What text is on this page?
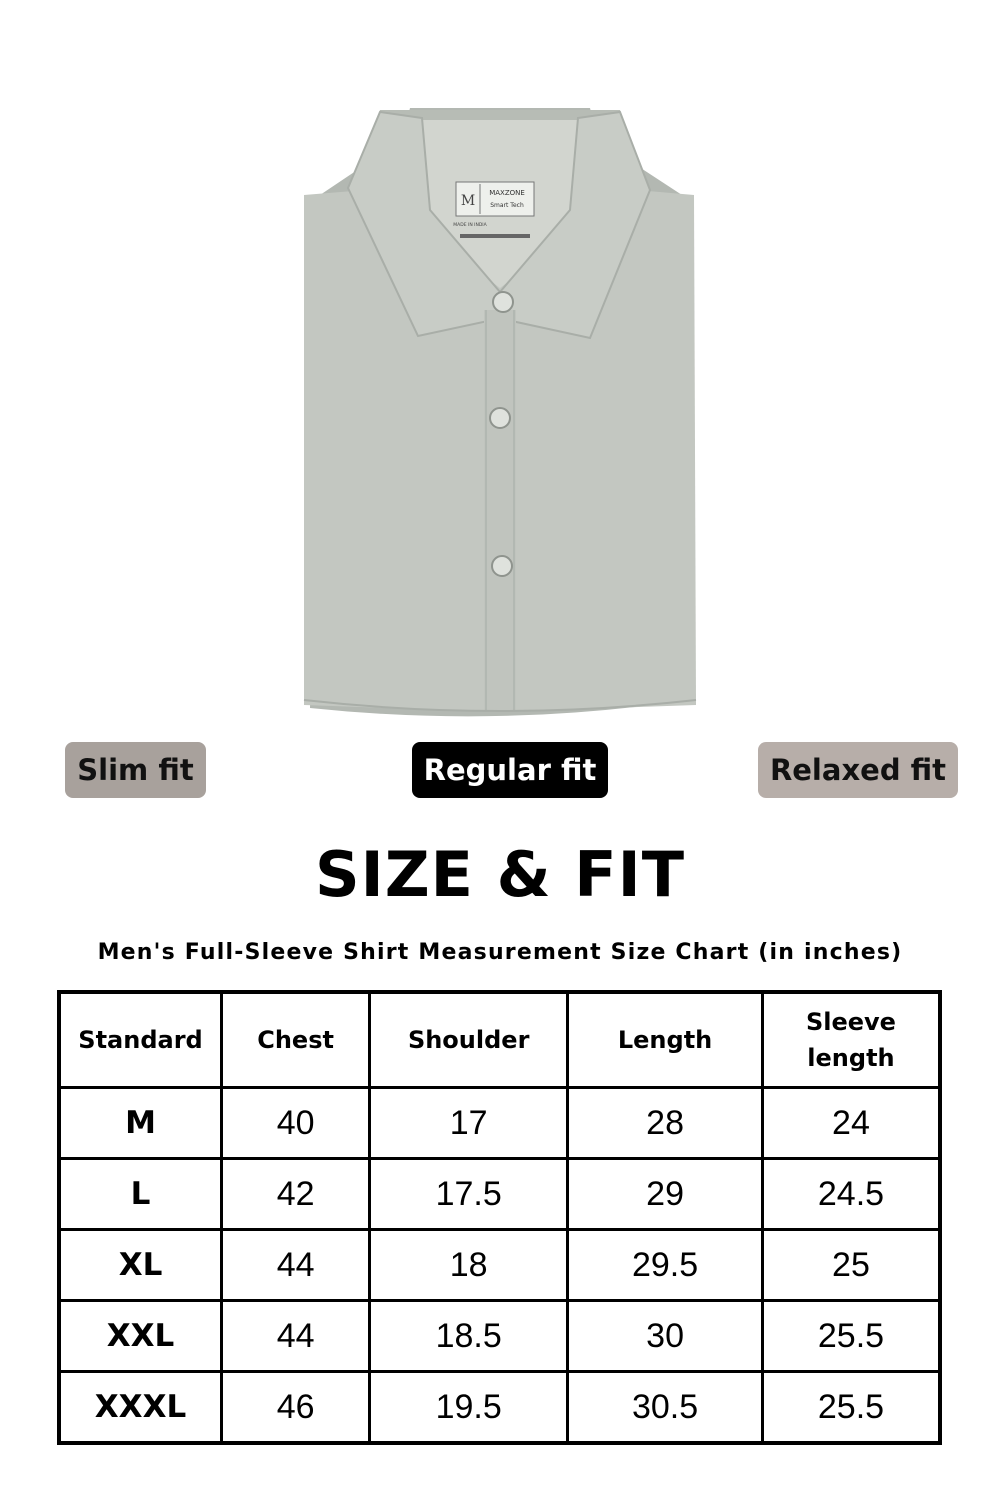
M MAXZONE
Smart Tech
MADE IN INDIA
Slim fit	Regular fit	Relaxed fit
SIZE & FIT
Men's Full-Sleeve Shirt Measurement Size Chart (in inches)
Standard	Chest	Shoulder	Length	Sleeve length
M	40	17	28	24
L	42	17.5	29	24.5
XL	44	18	29.5	25
XXL	44	18.5	30	25.5
XXXL	46	19.5	30.5	25.5
